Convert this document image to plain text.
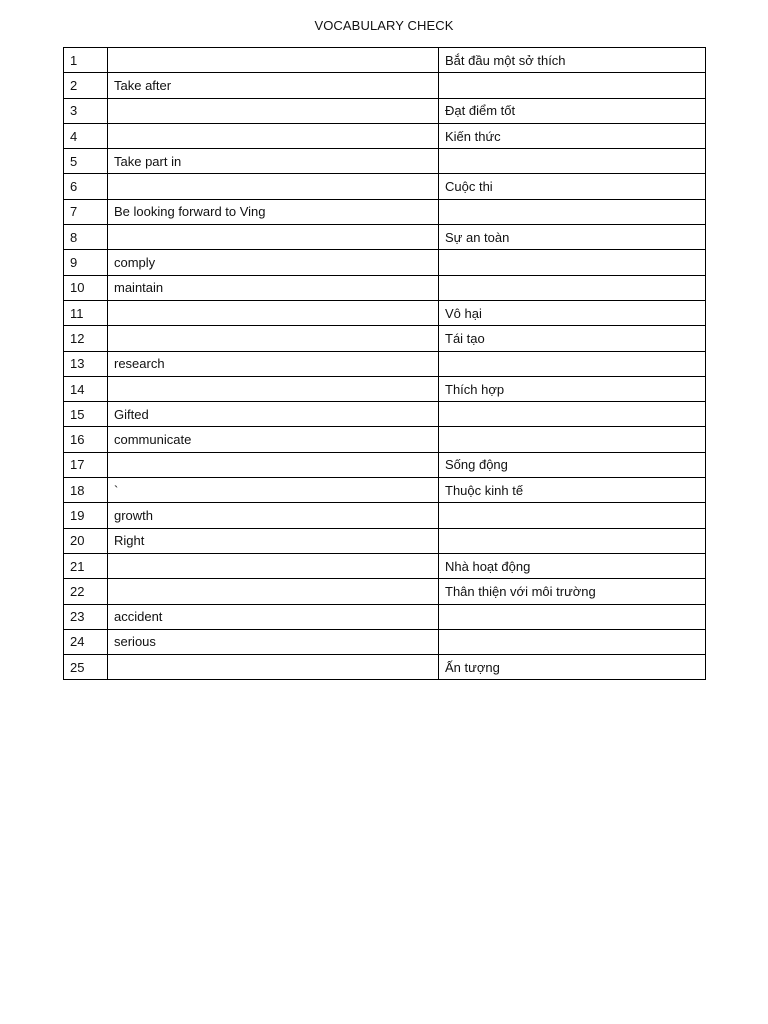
VOCABULARY CHECK
1		Bắt đầu một sở thích
2	Take after	
3		Đạt điểm tốt
4		Kiến thức
5	Take part in	
6		Cuộc thi
7	Be looking forward to Ving	
8		Sự an toàn
9	comply	
10	maintain	
11		Vô hại
12		Tái tạo
13	research	
14		Thích hợp
15	Gifted	
16	communicate	
17		Sống động
18	`	Thuộc kinh tế
19	growth	
20	Right	
21		Nhà hoạt động
22		Thân thiện với môi trường
23	accident	
24	serious	
25		Ấn tượng
